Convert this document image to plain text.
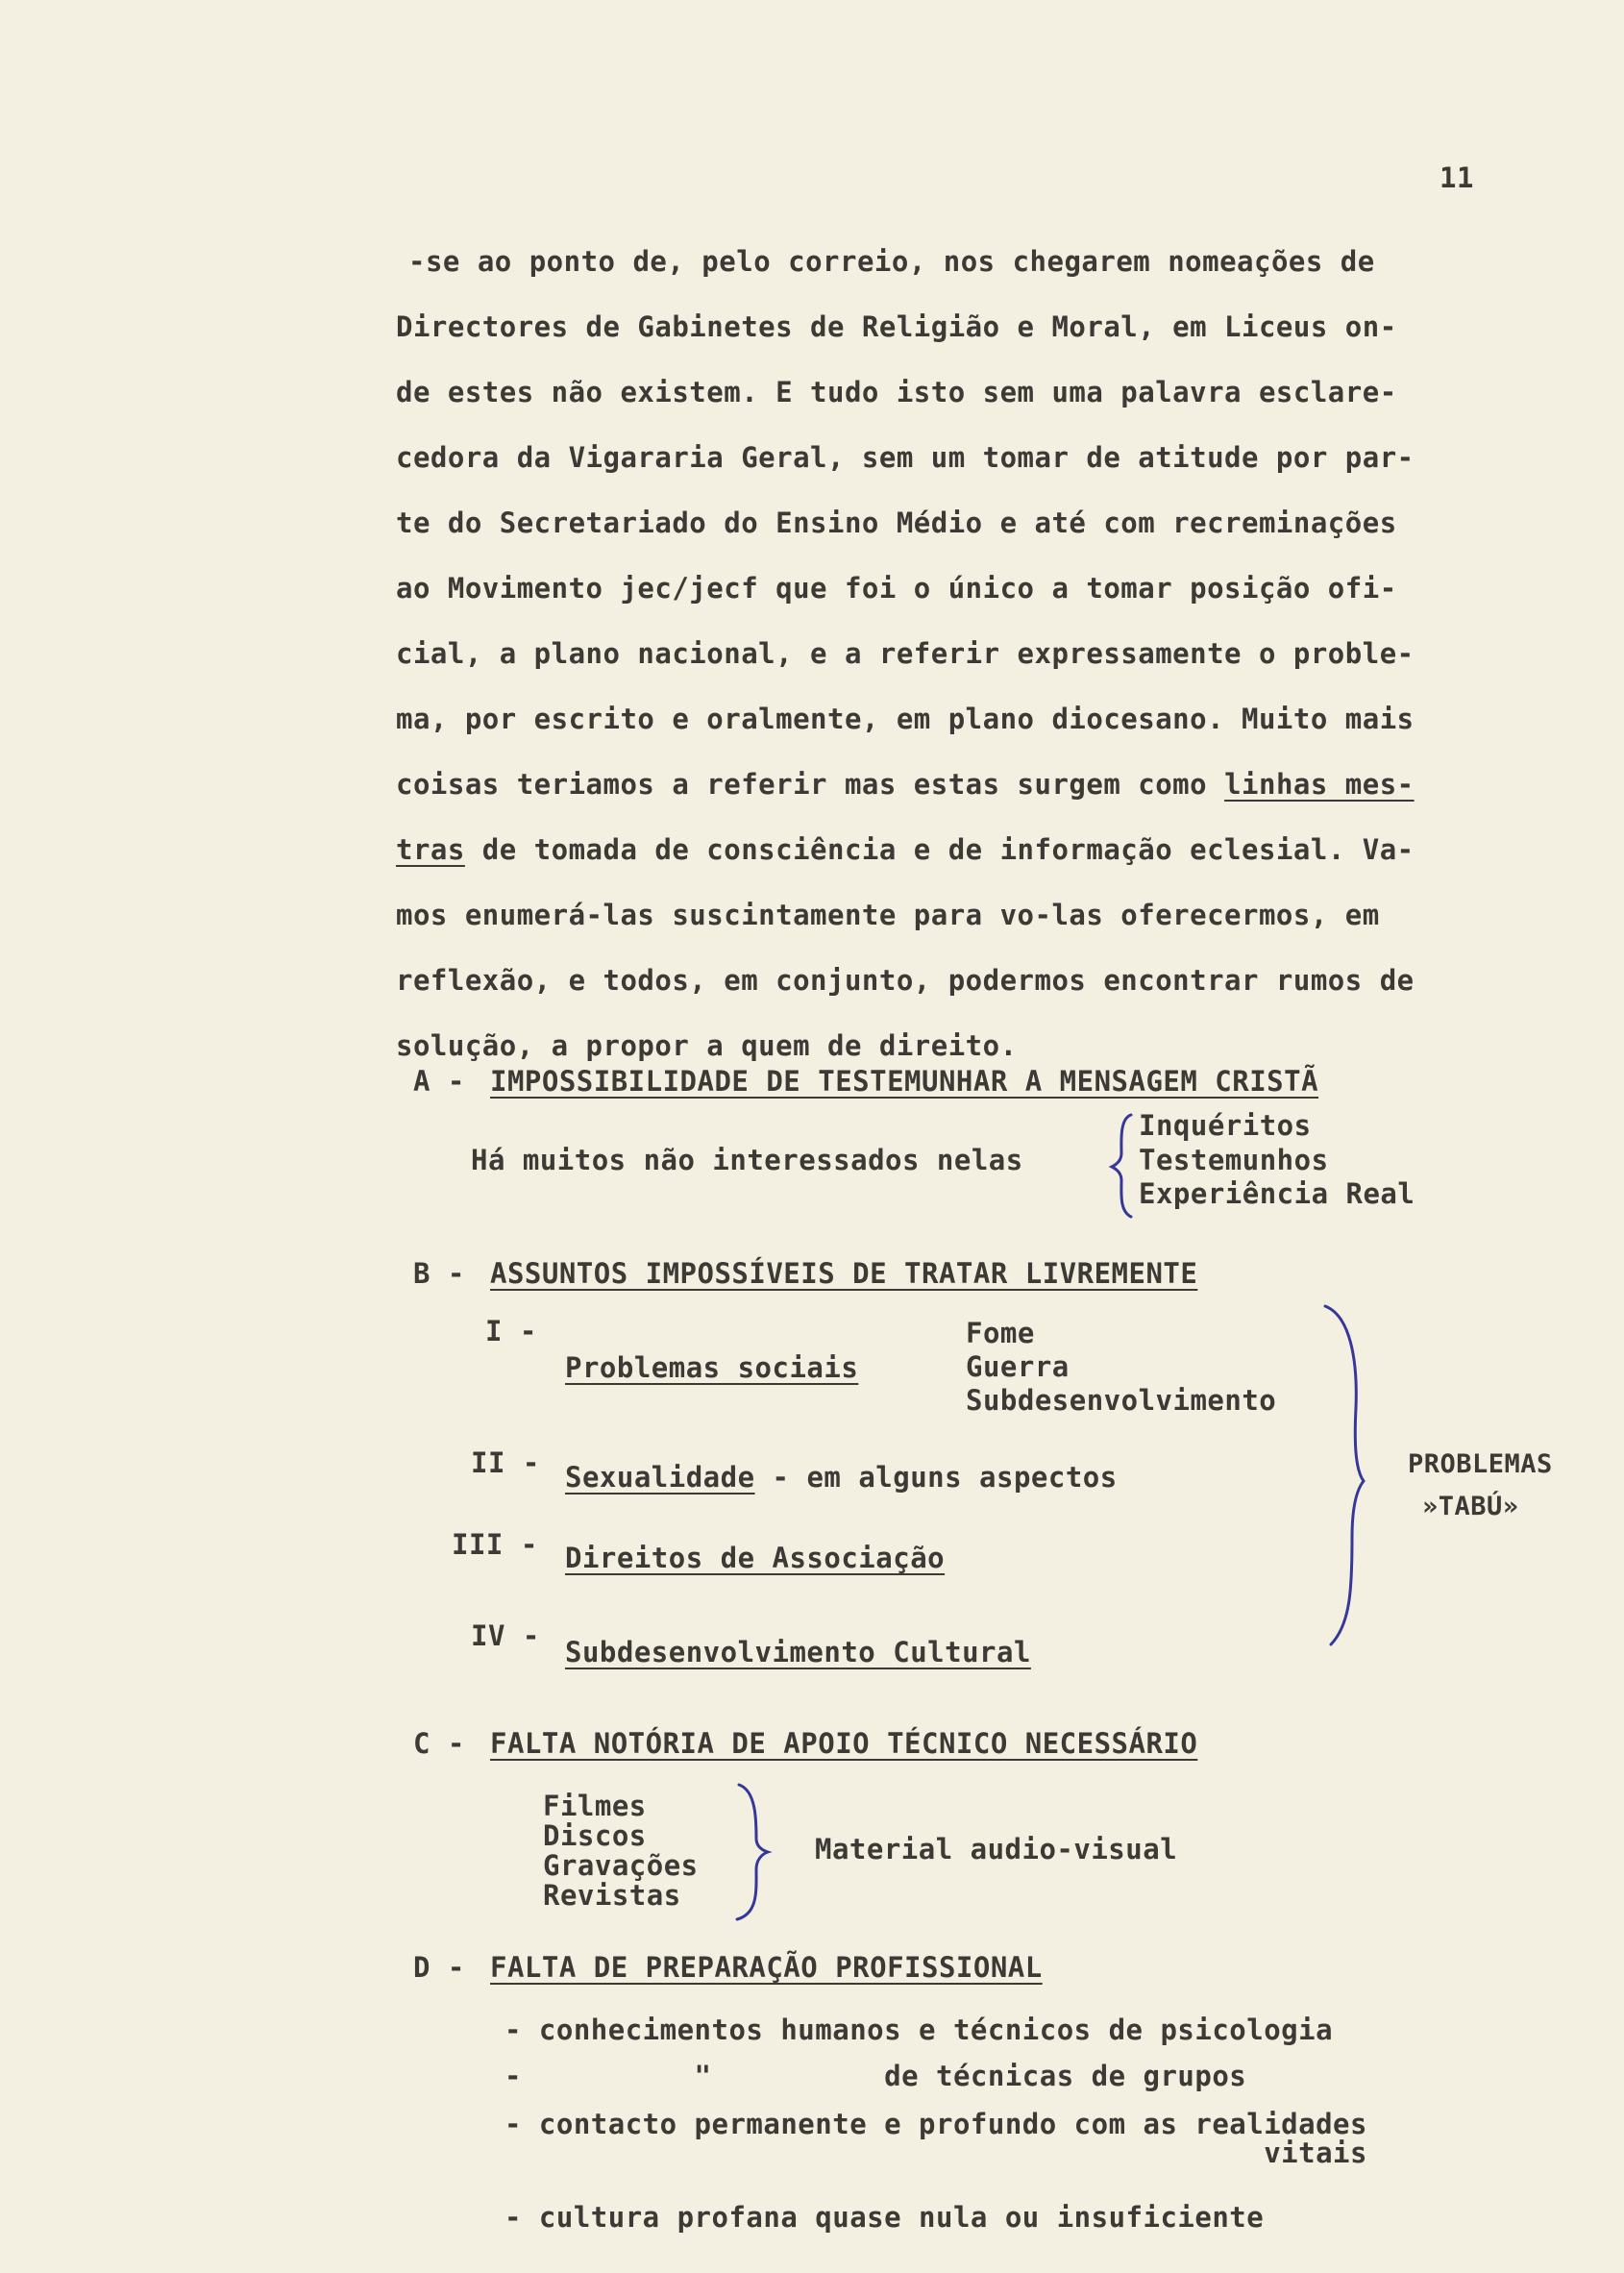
11
-se ao ponto de, pelo correio, nos chegarem nomeações de
Directores de Gabinetes de Religião e Moral, em Liceus on-
de estes não existem. E tudo isto sem uma palavra esclare-
cedora da Vigararia Geral, sem um tomar de atitude por par-
te do Secretariado do Ensino Médio e até com recreminações
ao Movimento jec/jecf que foi o único a tomar posição ofi-
cial, a plano nacional, e a referir expressamente o proble-
ma, por escrito e oralmente, em plano diocesano. Muito mais
coisas teriamos a referir mas estas surgem como linhas mes-
tras de tomada de consciência e de informação eclesial. Va-
mos enumerá-las suscintamente para vo-las oferecermos, em
reflexão, e todos, em conjunto, podermos encontrar rumos de
solução, a propor a quem de direito.
A - IMPOSSIBILIDADE DE TESTEMUNHAR A MENSAGEM CRISTÃ
Há muitos não interessados nelas
Inquéritos
Testemunhos
Experiência Real
B - ASSUNTOS IMPOSSÍVEIS DE TRATAR LIVREMENTE
I -
Problemas sociais
Fome
Guerra
Subdesenvolvimento
II - Sexualidade - em alguns aspectos
III - Direitos de Associação
IV - Subdesenvolvimento Cultural
PROBLEMAS
»TABÚ»
C - FALTA NOTÓRIA DE APOIO TÉCNICO NECESSÁRIO
Filmes
Discos
Gravações
Revistas
Material audio-visual
D - FALTA DE PREPARAÇÃO PROFISSIONAL
- conhecimentos humanos e técnicos de psicologia
-          "          de técnicas de grupos
- contacto permanente e profundo com as realidades
vitais
- cultura profana quase nula ou insuficiente
